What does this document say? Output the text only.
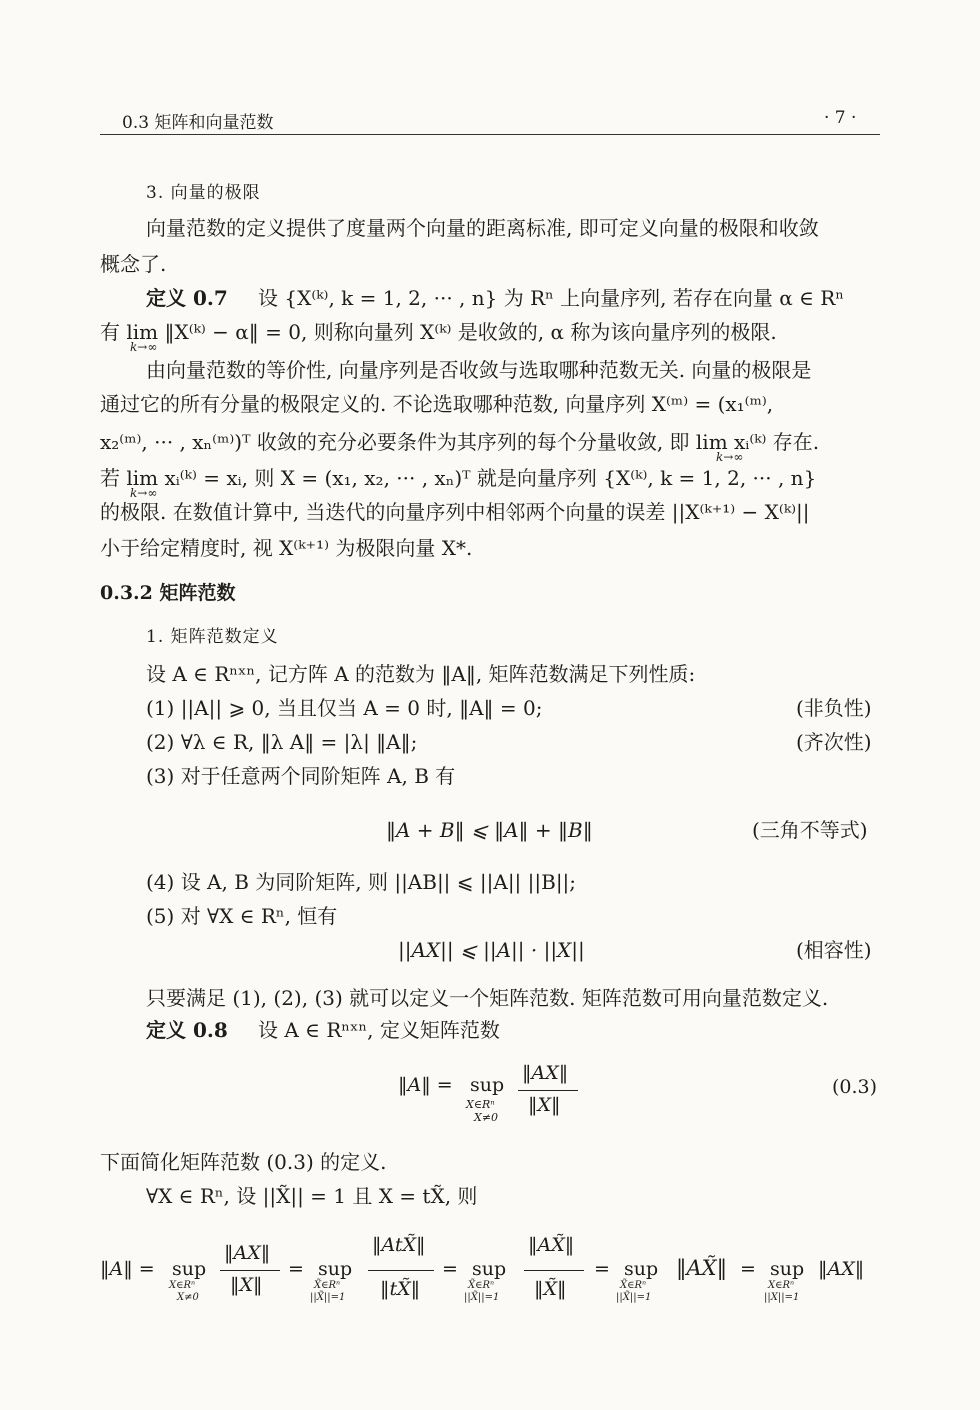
0.3 矩阵和向量范数	· 7 ·
3. 向量的极限
向量范数的定义提供了度量两个向量的距离标准, 即可定义向量的极限和收敛
概念了.
定义 0.7 设 {X⁽ᵏ⁾, k = 1, 2, ··· , n} 为 Rⁿ 上向量序列, 若存在向量 α ∈ Rⁿ
有 lim ‖X⁽ᵏ⁾ − α‖ = 0, 则称向量列 X⁽ᵏ⁾ 是收敛的, α 称为该向量序列的极限.
k→∞
由向量范数的等价性, 向量序列是否收敛与选取哪种范数无关. 向量的极限是
通过它的所有分量的极限定义的. 不论选取哪种范数, 向量序列 X⁽ᵐ⁾ = (x₁⁽ᵐ⁾,
x₂⁽ᵐ⁾, ··· , xₙ⁽ᵐ⁾)ᵀ 收敛的充分必要条件为其序列的每个分量收敛, 即 lim xᵢ⁽ᵏ⁾ 存在.
k→∞
若 lim xᵢ⁽ᵏ⁾ = xᵢ, 则 X = (x₁, x₂, ··· , xₙ)ᵀ 就是向量序列 {X⁽ᵏ⁾, k = 1, 2, ··· , n}
k→∞
的极限. 在数值计算中, 当迭代的向量序列中相邻两个向量的误差 ||X⁽ᵏ⁺¹⁾ − X⁽ᵏ⁾||
小于给定精度时, 视 X⁽ᵏ⁺¹⁾ 为极限向量 X*.
0.3.2 矩阵范数
1. 矩阵范数定义
设 A ∈ Rⁿˣⁿ, 记方阵 A 的范数为 ‖A‖, 矩阵范数满足下列性质:
(1) ||A|| ⩾ 0, 当且仅当 A = 0 时, ‖A‖ = 0;	(非负性)
(2) ∀λ ∈ R, ‖λ A‖ = |λ| ‖A‖;	(齐次性)
(3) 对于任意两个同阶矩阵 A, B 有
‖A + B‖ ⩽ ‖A‖ + ‖B‖	(三角不等式)
(4) 设 A, B 为同阶矩阵, 则 ||AB|| ⩽ ||A|| ||B||;
(5) 对 ∀X ∈ Rⁿ, 恒有
||AX|| ⩽ ||A|| · ||X||	(相容性)
只要满足 (1), (2), (3) 就可以定义一个矩阵范数. 矩阵范数可用向量范数定义.
定义 0.8 设 A ∈ Rⁿˣⁿ, 定义矩阵范数
‖A‖ = sup
X∈Rⁿ
X≠0
‖AX‖
‖X‖
(0.3)
下面简化矩阵范数 (0.3) 的定义.
∀X ∈ Rⁿ, 设 ||X̃|| = 1 且 X = tX̃, 则
‖A‖ = sup
X∈Rⁿ
X≠0
‖AX‖
‖X‖
= sup
X̃∈Rⁿ
||X̃||=1
‖AtX̃‖
‖tX̃‖
= sup
X̃∈Rⁿ
||X̃||=1
‖AX̃‖
‖X̃‖
= sup
X̃∈Rⁿ
||X̃||=1
‖AX̃‖ = sup
X∈Rⁿ
||X||=1
‖AX‖
